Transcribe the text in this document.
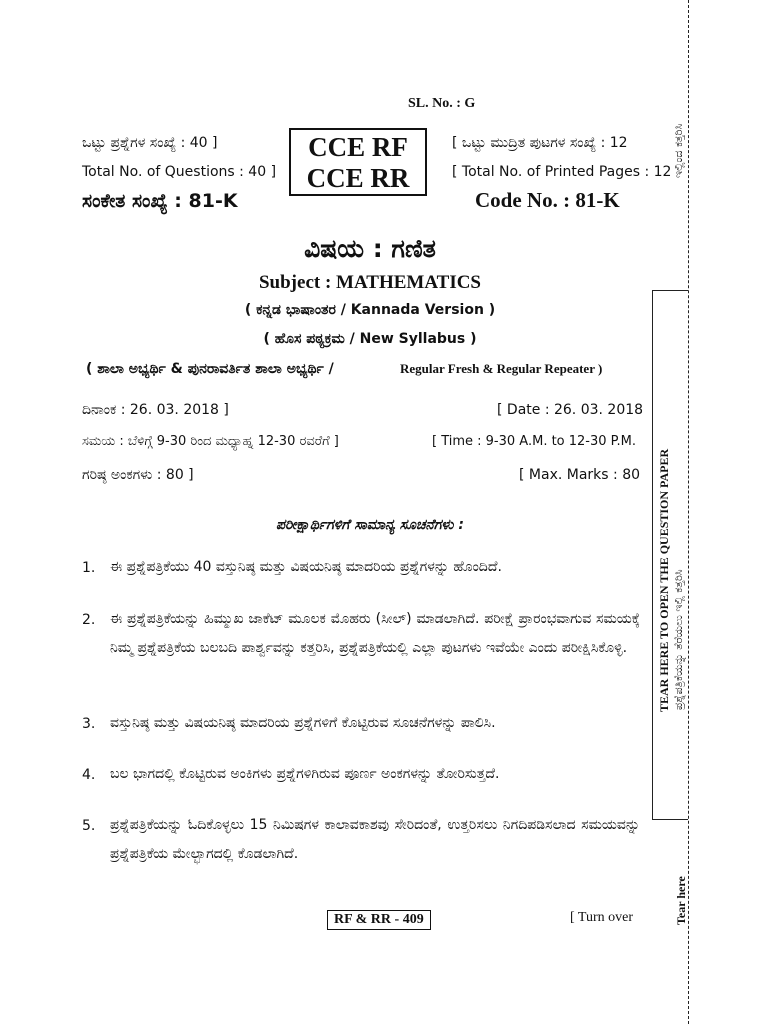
SL. No. : G
ಒಟ್ಟು ಪ್ರಶ್ನೆಗಳ ಸಂಖ್ಯೆ : 40 ]
Total No. of Questions : 40 ]
ಸಂಕೇತ ಸಂಖ್ಯೆ : 81-K
CCE RF
CCE RR
[ ಒಟ್ಟು ಮುದ್ರಿತ ಪುಟಗಳ ಸಂಖ್ಯೆ : 12
[ Total No. of Printed Pages : 12
Code No. : 81-K
ವಿಷಯ : ಗಣಿತ
Subject : MATHEMATICS
( ಕನ್ನಡ ಭಾಷಾಂತರ / Kannada Version )
( ಹೊಸ ಪಠ್ಯಕ್ರಮ / New Syllabus )
( ಶಾಲಾ ಅಭ್ಯರ್ಥಿ & ಪುನರಾವರ್ತಿತ ಶಾಲಾ ಅಭ್ಯರ್ಥಿ /	Regular Fresh & Regular Repeater )
ದಿನಾಂಕ : 26. 03. 2018 ]	[ Date : 26. 03. 2018
ಸಮಯ : ಬೆಳಿಗ್ಗೆ 9-30 ರಿಂದ ಮಧ್ಯಾಹ್ನ 12-30 ರವರೆಗೆ ]	[ Time : 9-30 A.M. to 12-30 P.M.
ಗರಿಷ್ಠ ಅಂಕಗಳು : 80 ]	[ Max. Marks : 80
ಪರೀಕ್ಷಾರ್ಥಿಗಳಿಗೆ ಸಾಮಾನ್ಯ ಸೂಚನೆಗಳು :
1. ಈ ಪ್ರಶ್ನೆಪತ್ರಿಕೆಯು 40 ವಸ್ತುನಿಷ್ಠ ಮತ್ತು ವಿಷಯನಿಷ್ಠ ಮಾದರಿಯ ಪ್ರಶ್ನೆಗಳನ್ನು ಹೊಂದಿದೆ.
2. ಈ ಪ್ರಶ್ನೆಪತ್ರಿಕೆಯನ್ನು ಹಿಮ್ಮುಖ ಜಾಕೆಟ್ ಮೂಲಕ ಮೊಹರು (ಸೀಲ್) ಮಾಡಲಾಗಿದೆ. ಪರೀಕ್ಷೆ ಪ್ರಾರಂಭವಾಗುವ ಸಮಯಕ್ಕೆ ನಿಮ್ಮ ಪ್ರಶ್ನೆಪತ್ರಿಕೆಯ ಬಲಬದಿ ಪಾರ್ಶ್ವವನ್ನು ಕತ್ತರಿಸಿ, ಪ್ರಶ್ನೆಪತ್ರಿಕೆಯಲ್ಲಿ ಎಲ್ಲಾ ಪುಟಗಳು ಇವೆಯೇ ಎಂದು ಪರೀಕ್ಷಿಸಿಕೊಳ್ಳಿ.
3. ವಸ್ತುನಿಷ್ಠ ಮತ್ತು ವಿಷಯನಿಷ್ಠ ಮಾದರಿಯ ಪ್ರಶ್ನೆಗಳಿಗೆ ಕೊಟ್ಟಿರುವ ಸೂಚನೆಗಳನ್ನು ಪಾಲಿಸಿ.
4. ಬಲ ಭಾಗದಲ್ಲಿ ಕೊಟ್ಟಿರುವ ಅಂಕಿಗಳು ಪ್ರಶ್ನೆಗಳಿಗಿರುವ ಪೂರ್ಣ ಅಂಕಗಳನ್ನು ತೋರಿಸುತ್ತದೆ.
5. ಪ್ರಶ್ನೆಪತ್ರಿಕೆಯನ್ನು ಓದಿಕೊಳ್ಳಲು 15 ನಿಮಿಷಗಳ ಕಾಲಾವಕಾಶವು ಸೇರಿದಂತೆ, ಉತ್ತರಿಸಲು ನಿಗದಿಪಡಿಸಲಾದ ಸಮಯವನ್ನು ಪ್ರಶ್ನೆಪತ್ರಿಕೆಯ ಮೇಲ್ಭಾಗದಲ್ಲಿ ಕೊಡಲಾಗಿದೆ.
RF & RR - 409	[ Turn over
ಇಲ್ಲಿಂದ ಕತ್ತರಿಸಿ
TEAR HERE TO OPEN THE QUESTION PAPER ಪ್ರಶ್ನೆಪತ್ರಿಕೆಯನ್ನು ತೆರೆಯಲು ಇಲ್ಲಿ ಕತ್ತರಿಸಿ
Tear here
